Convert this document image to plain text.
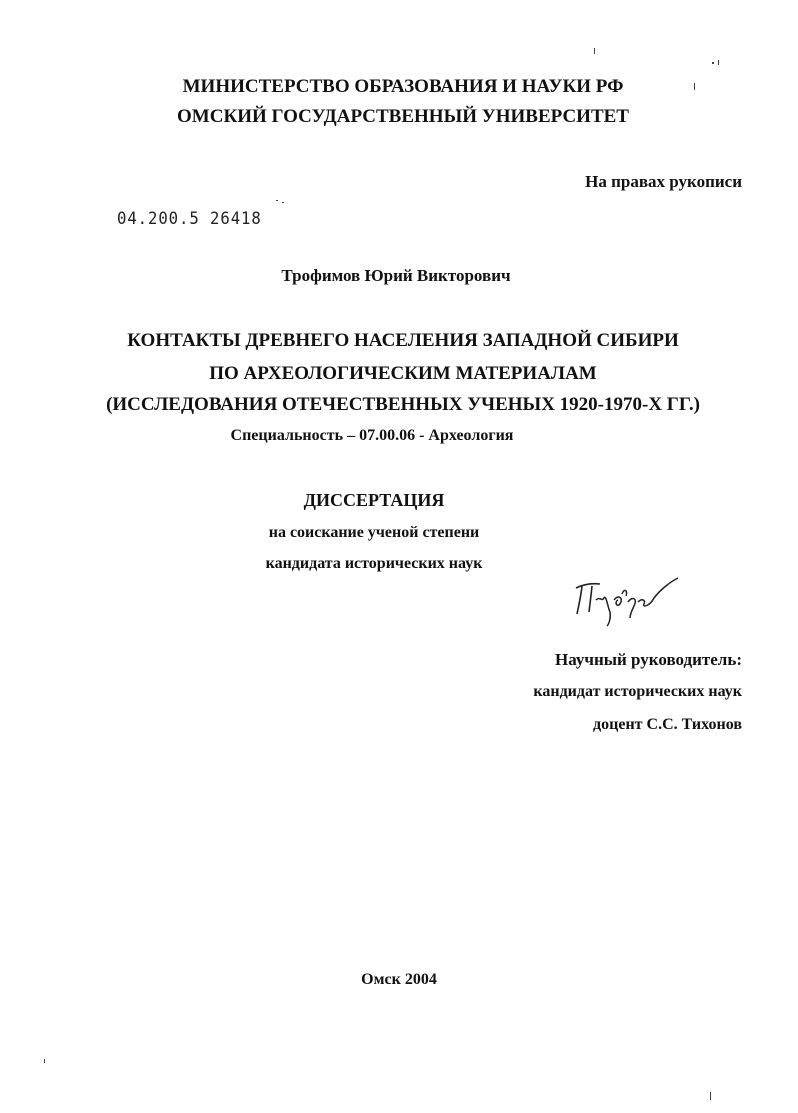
МИНИСТЕРСТВО ОБРАЗОВАНИЯ И НАУКИ РФ
ОМСКИЙ ГОСУДАРСТВЕННЫЙ УНИВЕРСИТЕТ
На правах рукописи
04.200.5 26418
Трофимов Юрий Викторович
КОНТАКТЫ ДРЕВНЕГО НАСЕЛЕНИЯ ЗАПАДНОЙ СИБИРИ
ПО АРХЕОЛОГИЧЕСКИМ МАТЕРИАЛАМ
(ИССЛЕДОВАНИЯ ОТЕЧЕСТВЕННЫХ УЧЕНЫХ 1920-1970-Х ГГ.)
Специальность – 07.00.06 - Археология
ДИССЕРТАЦИЯ
на соискание ученой степени
кандидата исторических наук
Научный руководитель:
кандидат исторических наук
доцент С.С. Тихонов
Омск 2004
